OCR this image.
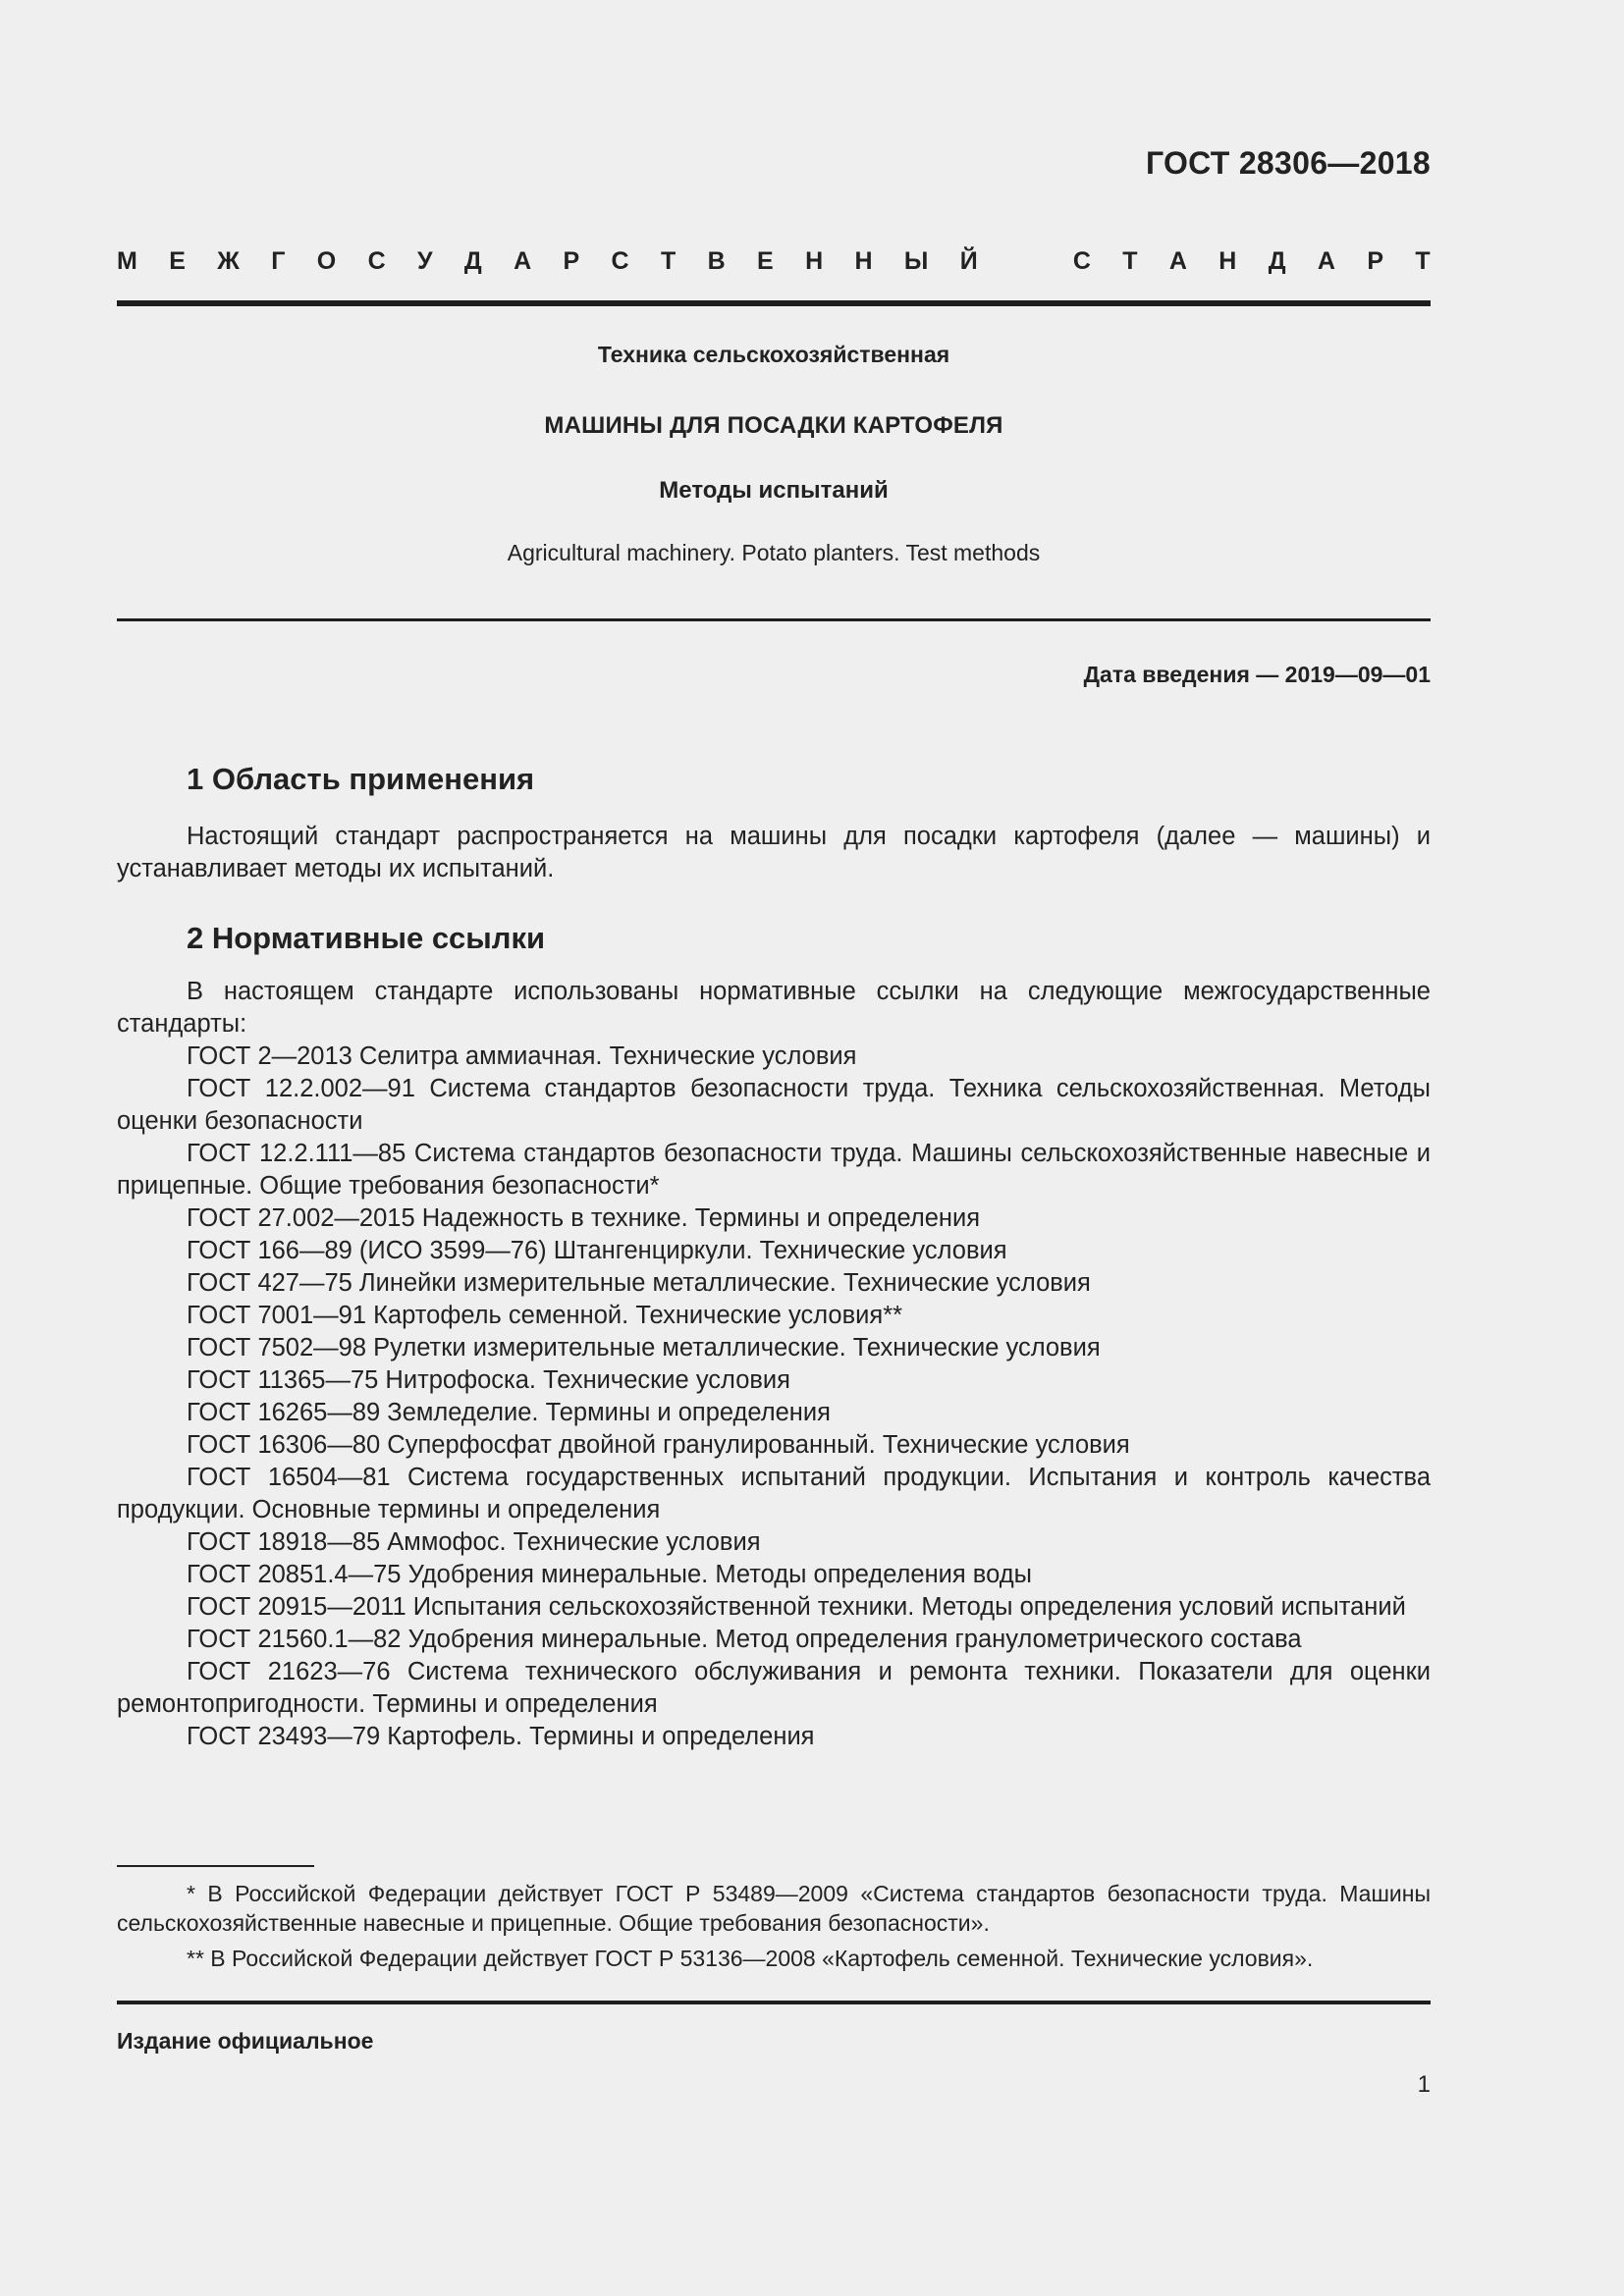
ГОСТ 28306—2018

М Е Ж Г О С У Д А Р С Т В Е Н Н Ы Й	С Т А Н Д А Р Т
Техника сельскохозяйственная
МАШИНЫ ДЛЯ ПОСАДКИ КАРТОФЕЛЯ
Методы испытаний
Agricultural machinery. Potato planters. Test methods

Дата введения — 2019—09—01

1 Область применения

Настоящий стандарт распространяется на машины для посадки картофеля (далее — машины) и устанавливает методы их испытаний.

2 Нормативные ссылки

В настоящем стандарте использованы нормативные ссылки на следующие межгосударственные стандарты:

ГОСТ 2—2013 Селитра аммиачная. Технические условия

ГОСТ 12.2.002—91 Система стандартов безопасности труда. Техника сельскохозяйственная. Методы оценки безопасности

ГОСТ 12.2.111—85 Система стандартов безопасности труда. Машины сельскохозяйственные навесные и прицепные. Общие требования безопасности*

ГОСТ 27.002—2015 Надежность в технике. Термины и определения

ГОСТ 166—89 (ИСО 3599—76) Штангенциркули. Технические условия

ГОСТ 427—75 Линейки измерительные металлические. Технические условия

ГОСТ 7001—91 Картофель семенной. Технические условия**

ГОСТ 7502—98 Рулетки измерительные металлические. Технические условия

ГОСТ 11365—75 Нитрофоска. Технические условия

ГОСТ 16265—89 Земледелие. Термины и определения

ГОСТ 16306—80 Суперфосфат двойной гранулированный. Технические условия

ГОСТ 16504—81 Система государственных испытаний продукции. Испытания и контроль качества продукции. Основные термины и определения

ГОСТ 18918—85 Аммофос. Технические условия

ГОСТ 20851.4—75 Удобрения минеральные. Методы определения воды

ГОСТ 20915—2011 Испытания сельскохозяйственной техники. Методы определения условий испытаний

ГОСТ 21560.1—82 Удобрения минеральные. Метод определения гранулометрического состава

ГОСТ 21623—76 Система технического обслуживания и ремонта техники. Показатели для оценки ремонтопригодности. Термины и определения

ГОСТ 23493—79 Картофель. Термины и определения

* В Российской Федерации действует ГОСТ Р 53489—2009 «Система стандартов безопасности труда. Машины сельскохозяйственные навесные и прицепные. Общие требования безопасности».

** В Российской Федерации действует ГОСТ Р 53136—2008 «Картофель семенной. Технические условия».

Издание официальное

1
